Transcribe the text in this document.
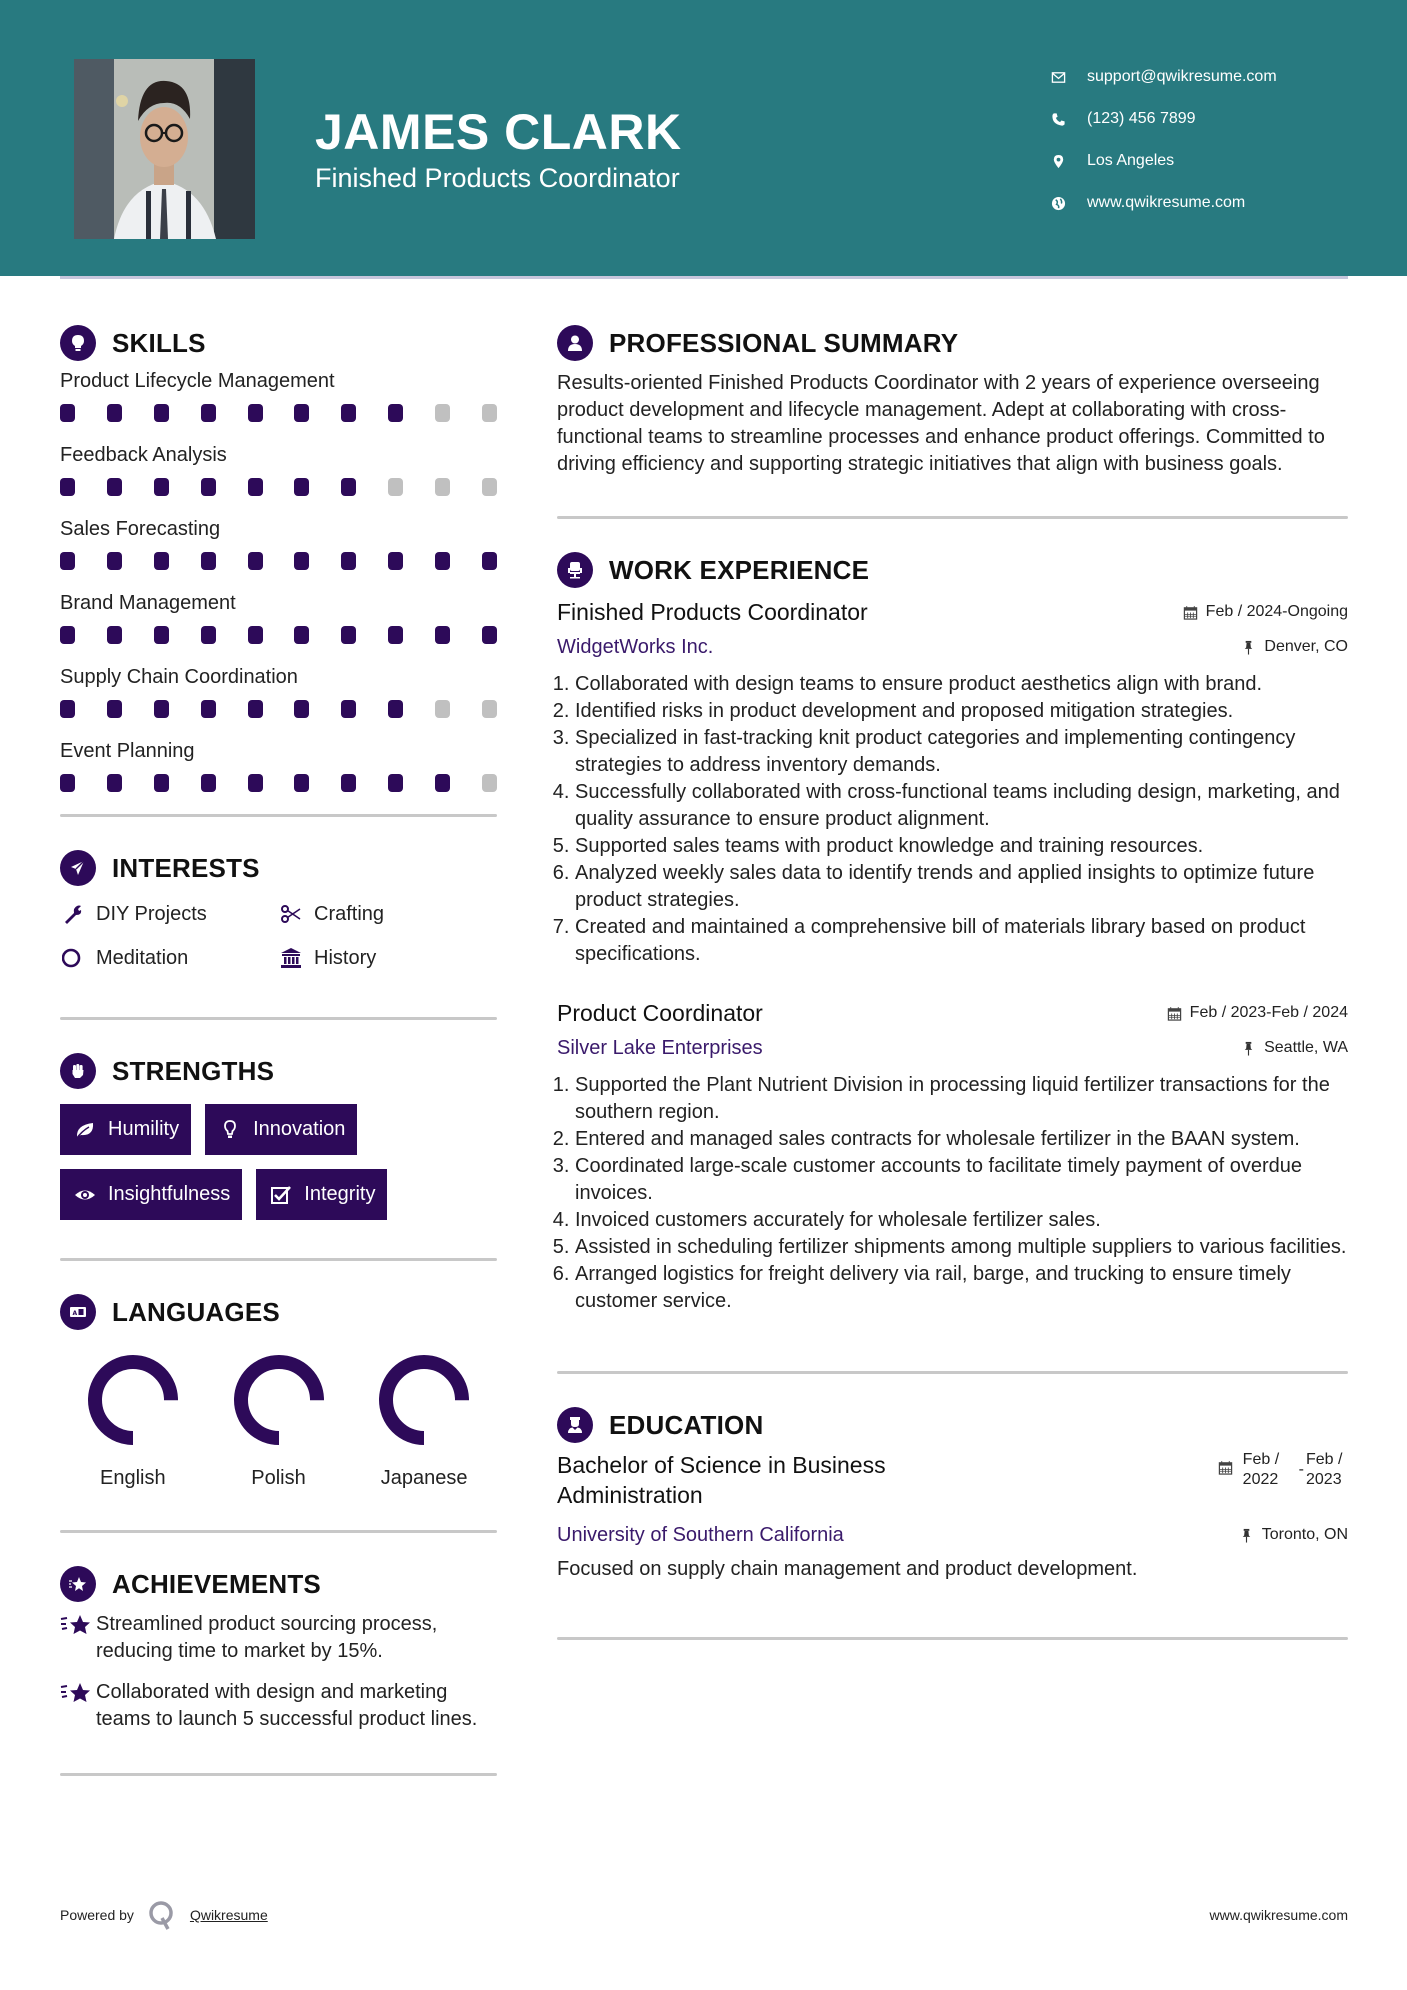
JAMES CLARK
Finished Products Coordinator
support@qwikresume.com
(123) 456 7899
Los Angeles
www.qwikresume.com
SKILLS
Product Lifecycle Management
Feedback Analysis
Sales Forecasting
Brand Management
Supply Chain Coordination
Event Planning
INTERESTS
DIY Projects	Crafting
Meditation	History
STRENGTHS
Humility	Innovation
Insightfulness	Integrity
A LANGUAGES
English	Polish	Japanese
ACHIEVEMENTS
Streamlined product sourcing process, reducing time to market by 15%.
Collaborated with design and marketing teams to launch 5 successful product lines.
PROFESSIONAL SUMMARY

Results-oriented Finished Products Coordinator with 2 years of experience overseeing product development and lifecycle management. Adept at collaborating with cross-functional teams to streamline processes and enhance product offerings. Committed to driving efficiency and supporting strategic initiatives that align with business goals.

WORK EXPERIENCE
Finished Products Coordinator	Feb / 2024-Ongoing
WidgetWorks Inc.	Denver, CO
1. Collaborated with design teams to ensure product aesthetics align with brand.
2. Identified risks in product development and proposed mitigation strategies.
3. Specialized in fast-tracking knit product categories and implementing contingency strategies to address inventory demands.
4. Successfully collaborated with cross-functional teams including design, marketing, and quality assurance to ensure product alignment.
5. Supported sales teams with product knowledge and training resources.
6. Analyzed weekly sales data to identify trends and applied insights to optimize future product strategies.
7. Created and maintained a comprehensive bill of materials library based on product specifications.
Product Coordinator	Feb / 2023-Feb / 2024
Silver Lake Enterprises	Seattle, WA
1. Supported the Plant Nutrient Division in processing liquid fertilizer transactions for the southern region.
2. Entered and managed sales contracts for wholesale fertilizer in the BAAN system.
3. Coordinated large-scale customer accounts to facilitate timely payment of overdue invoices.
4. Invoiced customers accurately for wholesale fertilizer sales.
5. Assisted in scheduling fertilizer shipments among multiple suppliers to various facilities.
6. Arranged logistics for freight delivery via rail, barge, and trucking to ensure timely customer service.
EDUCATION
Bachelor of Science in Business Administration
Feb / 2022
-
Feb / 2023
University of Southern California	Toronto, ON

Focused on supply chain management and product development.

Powered by	Qwikresume	www.qwikresume.com
